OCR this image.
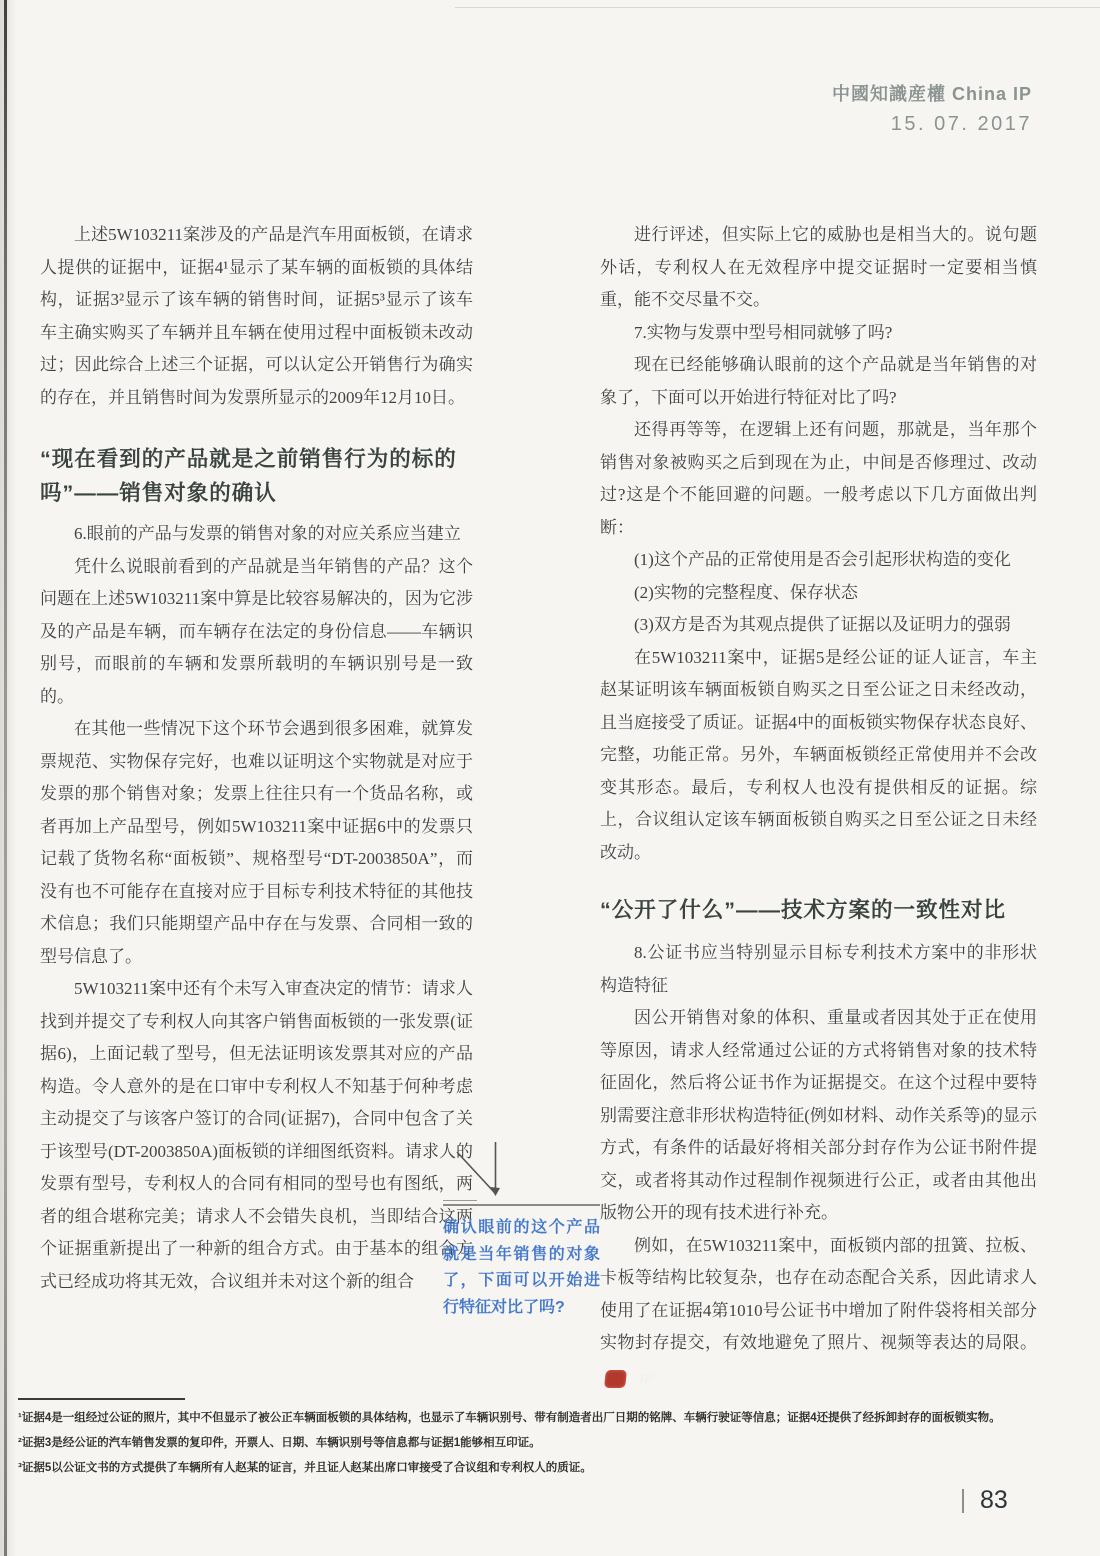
中國知識産權 China IP
15. 07. 2017

上述5W103211案涉及的产品是汽车用面板锁，在请求人提供的证据中，证据4¹显示了某车辆的面板锁的具体结构，证据3²显示了该车辆的销售时间，证据5³显示了该车车主确实购买了车辆并且车辆在使用过程中面板锁未改动过；因此综合上述三个证据，可以认定公开销售行为确实的存在，并且销售时间为发票所显示的2009年12月10日。

“现在看到的产品就是之前销售行为的标的吗”——销售对象的确认

6.眼前的产品与发票的销售对象的对应关系应当建立

凭什么说眼前看到的产品就是当年销售的产品？这个问题在上述5W103211案中算是比较容易解决的，因为它涉及的产品是车辆，而车辆存在法定的身份信息——车辆识别号，而眼前的车辆和发票所载明的车辆识别号是一致的。

在其他一些情况下这个环节会遇到很多困难，就算发票规范、实物保存完好，也难以证明这个实物就是对应于发票的那个销售对象；发票上往往只有一个货品名称，或者再加上产品型号，例如5W103211案中证据6中的发票只记载了货物名称“面板锁”、规格型号“DT-2003850A”，而没有也不可能存在直接对应于目标专利技术特征的其他技术信息；我们只能期望产品中存在与发票、合同相一致的型号信息了。

5W103211案中还有个未写入审查决定的情节：请求人找到并提交了专利权人向其客户销售面板锁的一张发票(证据6)，上面记载了型号，但无法证明该发票其对应的产品构造。令人意外的是在口审中专利权人不知基于何种考虑主动提交了与该客户签订的合同(证据7)，合同中包含了关于该型号(DT-2003850A)面板锁的详细图纸资料。请求人的发票有型号，专利权人的合同有相同的型号也有图纸，两者的组合堪称完美；请求人不会错失良机，当即结合这两个证据重新提出了一种新的组合方式。由于基本的组合方式已经成功将其无效，合议组并未对这个新的组合

进行评述，但实际上它的威胁也是相当大的。说句题外话，专利权人在无效程序中提交证据时一定要相当慎重，能不交尽量不交。

7.实物与发票中型号相同就够了吗?

现在已经能够确认眼前的这个产品就是当年销售的对象了，下面可以开始进行特征对比了吗?

还得再等等，在逻辑上还有问题，那就是，当年那个销售对象被购买之后到现在为止，中间是否修理过、改动过?这是个不能回避的问题。一般考虑以下几方面做出判断：

(1)这个产品的正常使用是否会引起形状构造的变化

(2)实物的完整程度、保存状态

(3)双方是否为其观点提供了证据以及证明力的强弱

在5W103211案中，证据5是经公证的证人证言，车主赵某证明该车辆面板锁自购买之日至公证之日未经改动，且当庭接受了质证。证据4中的面板锁实物保存状态良好、完整，功能正常。另外，车辆面板锁经正常使用并不会改变其形态。最后，专利权人也没有提供相反的证据。综上，合议组认定该车辆面板锁自购买之日至公证之日未经改动。

“公开了什么”——技术方案的一致性对比

8.公证书应当特别显示目标专利技术方案中的非形状构造特征

因公开销售对象的体积、重量或者因其处于正在使用等原因，请求人经常通过公证的方式将销售对象的技术特征固化，然后将公证书作为证据提交。在这个过程中要特别需要注意非形状构造特征(例如材料、动作关系等)的显示方式，有条件的话最好将相关部分封存作为公证书附件提交，或者将其动作过程制作视频进行公正，或者由其他出版物公开的现有技术进行补充。

例如，在5W103211案中，面板锁内部的扭簧、拉板、卡板等结构比较复杂，也存在动态配合关系，因此请求人使用了在证据4第1010号公证书中增加了附件袋将相关部分实物封存提交，有效地避免了照片、视频等表达的局限。IP

确认眼前的这个产品就是当年销售的对象了，下面可以开始进行特征对比了吗?
¹证据4是一组经过公证的照片，其中不但显示了被公正车辆面板锁的具体结构，也显示了车辆识别号、带有制造者出厂日期的铭牌、车辆行驶证等信息；证据4还提供了经拆卸封存的面板锁实物。
²证据3是经公证的汽车销售发票的复印件，开票人、日期、车辆识别号等信息都与证据1能够相互印证。
³证据5以公证文书的方式提供了车辆所有人赵某的证言，并且证人赵某出席口审接受了合议组和专利权人的质证。
83
